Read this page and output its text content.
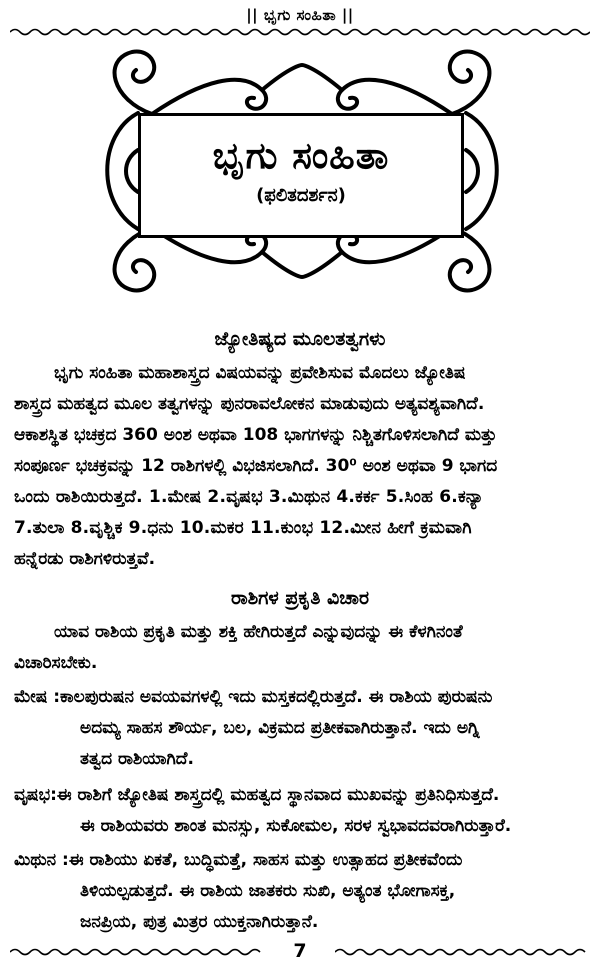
|| ಭೃಗು ಸಂಹಿತಾ ||
ಭೃಗು ಸಂಹಿತಾ
(ಫಲಿತದರ್ಶನ)
ಜ್ಯೋತಿಷ್ಯದ ಮೂಲತತ್ವಗಳು

ಭೃಗು ಸಂಹಿತಾ ಮಹಾಶಾಸ್ತ್ರದ ವಿಷಯವನ್ನು ಪ್ರವೇಶಿಸುವ ಮೊದಲು ಜ್ಯೋತಿಷ

ಶಾಸ್ತ್ರದ ಮಹತ್ವದ ಮೂಲ ತತ್ವಗಳನ್ನು ಪುನರಾವಲೋಕನ ಮಾಡುವುದು ಅತ್ಯವಶ್ಯವಾಗಿದೆ.

ಆಕಾಶಸ್ಥಿತ ಭಚಕ್ರದ 360 ಅಂಶ ಅಥವಾ 108 ಭಾಗಗಳನ್ನು ನಿಶ್ಚಿತಗೊಳಿಸಲಾಗಿದೆ ಮತ್ತು

ಸಂಪೂರ್ಣ ಭಚಕ್ರವನ್ನು 12 ರಾಶಿಗಳಲ್ಲಿ ವಿಭಜಿಸಲಾಗಿದೆ. 30⁰ ಅಂಶ ಅಥವಾ 9 ಭಾಗದ

ಒಂದು ರಾಶಿಯಿರುತ್ತದೆ. 1.ಮೇಷ 2.ವೃಷಭ 3.ಮಿಥುನ 4.ಕರ್ಕ 5.ಸಿಂಹ 6.ಕನ್ಯಾ

7.ತುಲಾ 8.ವೃಶ್ಚಿಕ 9.ಧನು 10.ಮಕರ 11.ಕುಂಭ 12.ಮೀನ ಹೀಗೆ ಕ್ರಮವಾಗಿ

ಹನ್ನೆರಡು ರಾಶಿಗಳಿರುತ್ತವೆ.

ರಾಶಿಗಳ ಪ್ರಕೃತಿ ವಿಚಾರ

ಯಾವ ರಾಶಿಯ ಪ್ರಕೃತಿ ಮತ್ತು ಶಕ್ತಿ ಹೇಗಿರುತ್ತದೆ ಎನ್ನುವುದನ್ನು ಈ ಕೆಳಗಿನಂತೆ

ವಿಚಾರಿಸಬೇಕು.

ಮೇಷ : ಕಾಲಪುರುಷನ ಅವಯವಗಳಲ್ಲಿ ಇದು ಮಸ್ತಕದಲ್ಲಿರುತ್ತದೆ. ಈ ರಾಶಿಯ ಪುರುಷನು
ಅದಮ್ಯ ಸಾಹಸ ಶೌರ್ಯ, ಬಲ, ವಿಕ್ರಮದ ಪ್ರತೀಕವಾಗಿರುತ್ತಾನೆ. ಇದು ಅಗ್ನಿ
ತತ್ವದ ರಾಶಿಯಾಗಿದೆ.
ವೃಷಭ: ಈ ರಾಶಿಗೆ ಜ್ಯೋತಿಷ ಶಾಸ್ತ್ರದಲ್ಲಿ ಮಹತ್ವದ ಸ್ಥಾನವಾದ ಮುಖವನ್ನು ಪ್ರತಿನಿಧಿಸುತ್ತದೆ.
ಈ ರಾಶಿಯವರು ಶಾಂತ ಮನಸ್ಸು, ಸುಕೋಮಲ, ಸರಳ ಸ್ವಭಾವದವರಾಗಿರುತ್ತಾರೆ.
ಮಿಥುನ : ಈ ರಾಶಿಯು ಏಕತೆ, ಬುದ್ಧಿಮತ್ತೆ, ಸಾಹಸ ಮತ್ತು ಉತ್ಸಾಹದ ಪ್ರತೀಕವೆಂದು
ತಿಳಿಯಲ್ಪಡುತ್ತದೆ. ಈ ರಾಶಿಯ ಜಾತಕರು ಸುಖಿ, ಅತ್ಯಂತ ಭೋಗಾಸಕ್ತ,
ಜನಪ್ರಿಯ, ಪುತ್ರ ಮಿತ್ರರ ಯುಕ್ತನಾಗಿರುತ್ತಾನೆ.
7
